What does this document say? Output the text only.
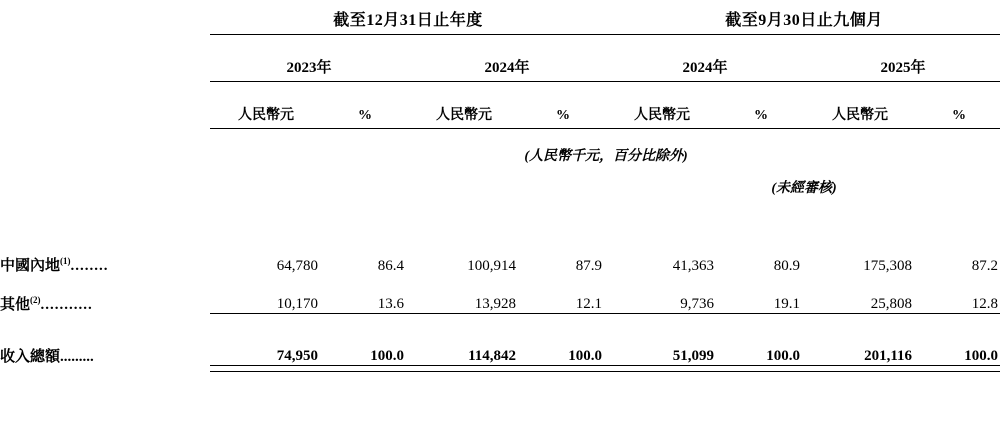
	截至12月31日止年度				截至9月30日止九個月			

	2023年		2024年		2024年		2025年	

	人民幣元	%	人民幣元	%	人民幣元	%	人民幣元	%
	(人民幣千元，百分比除外)							
					(未經審核)			

中國內地$^{(1)}$........	64,780	86.4	100,914	87.9	41,363	80.9	175,308	87.2
其他$^{(2)}$...........	10,170	13.6	13,928	12.1	9,736	19.1	25,808	12.8

收入總額.........	74,950	100.0	114,842	100.0	51,099	100.0	201,116	100.0
